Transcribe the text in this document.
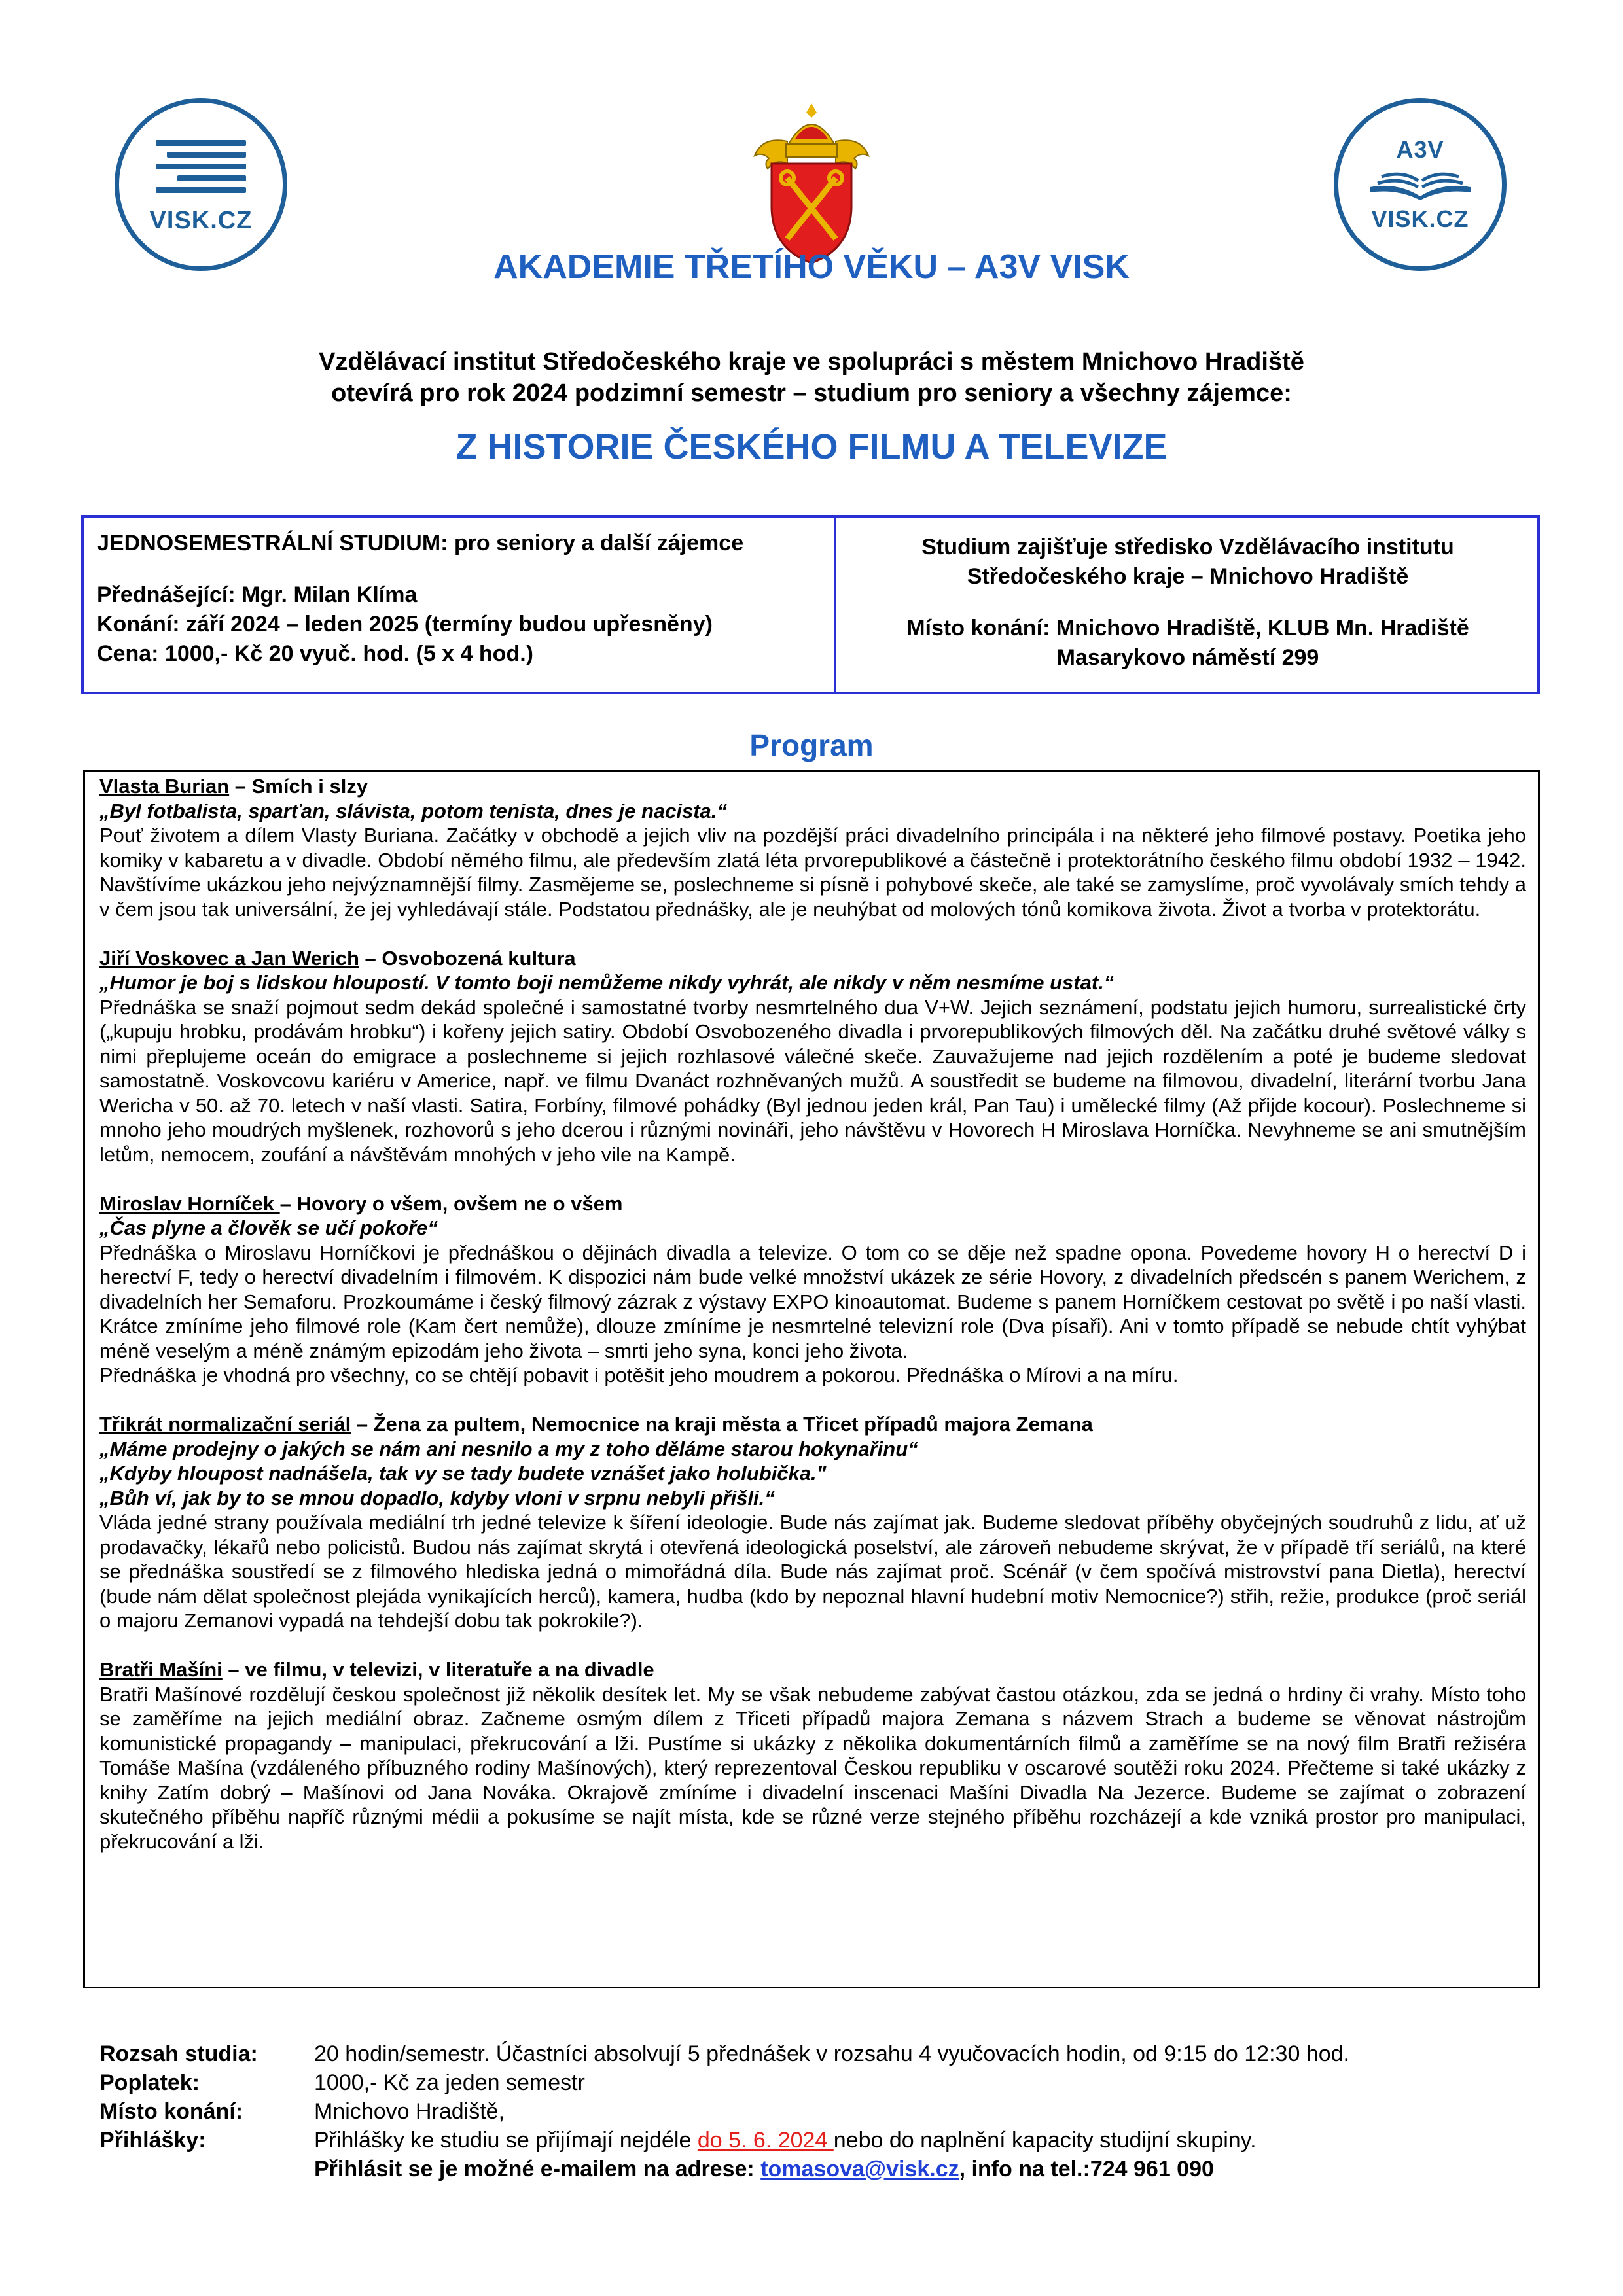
VISK.CZ
A3V
VISK.CZ
AKADEMIE TŘETÍHO VĚKU – A3V VISK
Vzdělávací institut Středočeského kraje ve spolupráci s městem Mnichovo Hradiště
otevírá pro rok 2024 podzimní semestr – studium pro seniory a všechny zájemce:
Z HISTORIE ČESKÉHO FILMU A TELEVIZE
JEDNOSEMESTRÁLNÍ STUDIUM: pro seniory a další zájemce
Přednášející: Mgr. Milan Klíma
Konání: září 2024 – leden 2025 (termíny budou upřesněny)
Cena: 1000,- Kč 20 vyuč. hod. (5 x 4 hod.)
Studium zajišťuje středisko Vzdělávacího institutu
Středočeského kraje – Mnichovo Hradiště
Místo konání: Mnichovo Hradiště, KLUB Mn. Hradiště
Masarykovo náměstí 299
Program
Vlasta Burian – Smích i slzy
„Byl fotbalista, sparťan, slávista, potom tenista, dnes je nacista.“

Pouť životem a dílem Vlasty Buriana. Začátky v obchodě a jejich vliv na pozdější práci divadelního principála i na některé jeho filmové postavy. Poetika jeho komiky v kabaretu a v divadle. Období němého filmu, ale především zlatá léta prvorepublikové a částečně i protektorátního českého filmu období 1932 – 1942. Navštívíme ukázkou jeho nejvýznamnější filmy. Zasmějeme se, poslechneme si písně i pohybové skeče, ale také se zamyslíme, proč vyvolávaly smích tehdy a v čem jsou tak universální, že jej vyhledávají stále. Podstatou přednášky, ale je neuhýbat od molových tónů komikova života. Život a tvorba v protektorátu.

Jiří Voskovec a Jan Werich – Osvobozená kultura
„Humor je boj s lidskou hloupostí. V tomto boji nemůžeme nikdy vyhrát, ale nikdy v něm nesmíme ustat.“

Přednáška se snaží pojmout sedm dekád společné i samostatné tvorby nesmrtelného dua V+W. Jejich seznámení, podstatu jejich humoru, surrealistické črty („kupuju hrobku, prodávám hrobku“) i kořeny jejich satiry. Období Osvobozeného divadla i prvorepublikových filmových děl. Na začátku druhé světové války s nimi přeplujeme oceán do emigrace a poslechneme si jejich rozhlasové válečné skeče. Zauvažujeme nad jejich rozdělením a poté je budeme sledovat samostatně. Voskovcovu kariéru v Americe, např. ve filmu Dvanáct rozhněvaných mužů. A soustředit se budeme na filmovou, divadelní, literární tvorbu Jana Wericha v 50. až 70. letech v naší vlasti. Satira, Forbíny, filmové pohádky (Byl jednou jeden král, Pan Tau) i umělecké filmy (Až přijde kocour). Poslechneme si mnoho jeho moudrých myšlenek, rozhovorů s jeho dcerou i různými novináři, jeho návštěvu v Hovorech H Miroslava Horníčka. Nevyhneme se ani smutnějším letům, nemocem, zoufání a návštěvám mnohých v jeho vile na Kampě.

Miroslav Horníček – Hovory o všem, ovšem ne o všem
„Čas plyne a člověk se učí pokoře“

Přednáška o Miroslavu Horníčkovi je přednáškou o dějinách divadla a televize. O tom co se děje než spadne opona. Povedeme hovory H o herectví D i herectví F, tedy o herectví divadelním i filmovém. K dispozici nám bude velké množství ukázek ze série Hovory, z divadelních předscén s panem Werichem, z divadelních her Semaforu. Prozkoumáme i český filmový zázrak z výstavy EXPO kinoautomat. Budeme s panem Horníčkem cestovat po světě i po naší vlasti. Krátce zmíníme jeho filmové role (Kam čert nemůže), dlouze zmíníme je nesmrtelné televizní role (Dva písaři). Ani v tomto případě se nebude chtít vyhýbat méně veselým a méně známým epizodám jeho života – smrti jeho syna, konci jeho života.

Přednáška je vhodná pro všechny, co se chtějí pobavit i potěšit jeho moudrem a pokorou. Přednáška o Mírovi a na míru.

Třikrát normalizační seriál – Žena za pultem, Nemocnice na kraji města a Třicet případů majora Zemana
„Máme prodejny o jakých se nám ani nesnilo a my z toho děláme starou hokynařinu“
„Kdyby hloupost nadnášela, tak vy se tady budete vznášet jako holubička."
„Bůh ví, jak by to se mnou dopadlo, kdyby vloni v srpnu nebyli přišli.“

Vláda jedné strany používala mediální trh jedné televize k šíření ideologie. Bude nás zajímat jak. Budeme sledovat příběhy obyčejných soudruhů z lidu, ať už prodavačky, lékařů nebo policistů. Budou nás zajímat skrytá i otevřená ideologická poselství, ale zároveň nebudeme skrývat, že v případě tří seriálů, na které se přednáška soustředí se z filmového hlediska jedná o mimořádná díla. Bude nás zajímat proč. Scénář (v čem spočívá mistrovství pana Dietla), herectví (bude nám dělat společnost plejáda vynikajících herců), kamera, hudba (kdo by nepoznal hlavní hudební motiv Nemocnice?) střih, režie, produkce (proč seriál o majoru Zemanovi vypadá na tehdejší dobu tak pokrokile?).

Bratři Mašíni – ve filmu, v televizi, v literatuře a na divadle

Bratři Mašínové rozdělují českou společnost již několik desítek let. My se však nebudeme zabývat častou otázkou, zda se jedná o hrdiny či vrahy. Místo toho se zaměříme na jejich mediální obraz. Začneme osmým dílem z Třiceti případů majora Zemana s názvem Strach a budeme se věnovat nástrojům komunistické propagandy – manipulaci, překrucování a lži. Pustíme si ukázky z několika dokumentárních filmů a zaměříme se na nový film Bratři režiséra Tomáše Mašína (vzdáleného příbuzného rodiny Mašínových), který reprezentoval Českou republiku v oscarové soutěži roku 2024. Přečteme si také ukázky z knihy Zatím dobrý – Mašínovi od Jana Nováka. Okrajově zmíníme i divadelní inscenaci Mašíni Divadla Na Jezerce. Budeme se zajímat o zobrazení skutečného příběhu napříč různými médii a pokusíme se najít místa, kde se různé verze stejného příběhu rozcházejí a kde vzniká prostor pro manipulaci, překrucování a lži.

Rozsah studia:	20 hodin/semestr. Účastníci absolvují 5 přednášek v rozsahu 4 vyučovacích hodin, od 9:15 do 12:30 hod.
Poplatek:	1000,- Kč za jeden semestr
Místo konání:	Mnichovo Hradiště,
Přihlášky:	Přihlášky ke studiu se přijímají nejdéle do 5. 6. 2024 nebo do naplnění kapacity studijní skupiny.
Přihlásit se je možné e-mailem na adrese: tomasova@visk.cz, info na tel.:724 961 090
